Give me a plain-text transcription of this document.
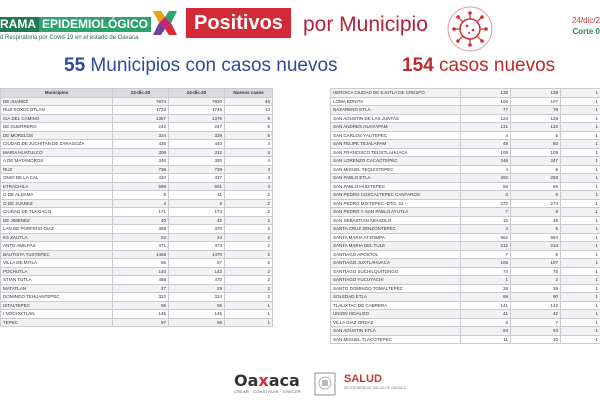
RAMA EPIDEMIOLÓGICO
d Respiratoria por Covid-19 en el estado de Oaxaca
Positivos por Municipio	24/dic/2
Corte 0
55 Municipios con casos nuevos	154 casos nuevos
Municipios	23-dic-20	24-dic-20	Nuevos casos
DE JUAREZ	7874	7920	46
RUZ XOXOCOTLAN	1732	1745	13
CIA DEL CAMINO	1367	1376	9
DE GUERRERO	242	247	5
DE MORELOS	324	329	5
CIUDAD DE JUCHITAN DE ZARAGOZA	436	440	4
MARIA HUATULCO	308	312	4
A DE MATAMOROS	346	350	4
RUZ	736	739	3
ONIO DE LA CAL	434	437	3
ETRACHILA	598	601	3
O DE ALDAMA	9	11	2
O DE JUAREZ	4	6	2
CIUDAD DE TLAXIACO	171	173	2
DE JIMENEZ	40	42	2
LAN DE PORFIRIO DIAZ	368	370	2
ES ZAUTLA	22	24	2
ANTO AMILPAS	371	373	2
BAUTISTA TUXTEPEC	1468	1470	2
VILLA DE MITLA	55	57	2
POCHUTLA	140	142	2
STIAN TUTLA	468	470	2
MATATLAN	27	29	2
DOMINGO TEHUANTEPEC	322	324	2
IXTALTEPEC	55	56	1
I NOCHIXTLAN	145	146	1
TEPEC	97	98	1
HEROICA CIUDAD DE EJUTLA DE CRESPO	138	139	1
LOMA BONITA	106	107	1
NAZARENO ETLA	77	78	1
SAN AGUSTIN DE LAS JUNTAS	124	125	1
SAN ANDRES HUAYAPAM	131	132	1
SAN CARLOS YAUTEPEC	4	5	1
SAN FELIPE TEJALAPAM	49	50	1
SAN FRANCISCO TELIXTLAHUACA	108	109	1
SAN LORENZO CACAOTEPEC	246	247	1
SAN MIGUEL TEQUIXTEPEC	4	5	1
SAN PABLO ETLA	292	293	1
SAN PABLO HUIXTEPEC	58	59	1
SAN PEDRO COXCALTEPEC CANTAROS	8	9	1
SAN PEDRO MIXTEPEC -DTO. 22 -	272	273	1
SAN PEDRO Y SAN PABLO AYUTLA	7	8	1
SAN SEBASTIAN ABASOLO	15	16	1
SANTA CRUZ ZENZONTEPEC	4	5	1
SANTA MARIA ATZOMPA	562	563	1
SANTA MARIA DEL TULE	212	213	1
SANTIAGO APOSTOL	7	8	1
SANTIAGO JUXTLAHUACA	106	107	1
SANTIAGO SUCHILQUITONGO	74	75	1
SANTIAGO YUCUYACHI	1	2	1
SANTO DOMINGO TOMALTEPEC	38	39	1
SOLEDAD ETLA	89	90	1
TLALIXTAC DE CABRERA	141	142	1
UNION HIDALGO	41	42	1
VILLA DIAZ ORDAZ	6	7	1
SAN AGUSTIN ETLA	94	93	-1
SAN MIGUEL TLACOTEPEC	11	10	-1
Oaxaca
CREAR · CONSTRUIR · CRECER
SALUD
SECRETARÍA DE SALUD DE OAXACA
